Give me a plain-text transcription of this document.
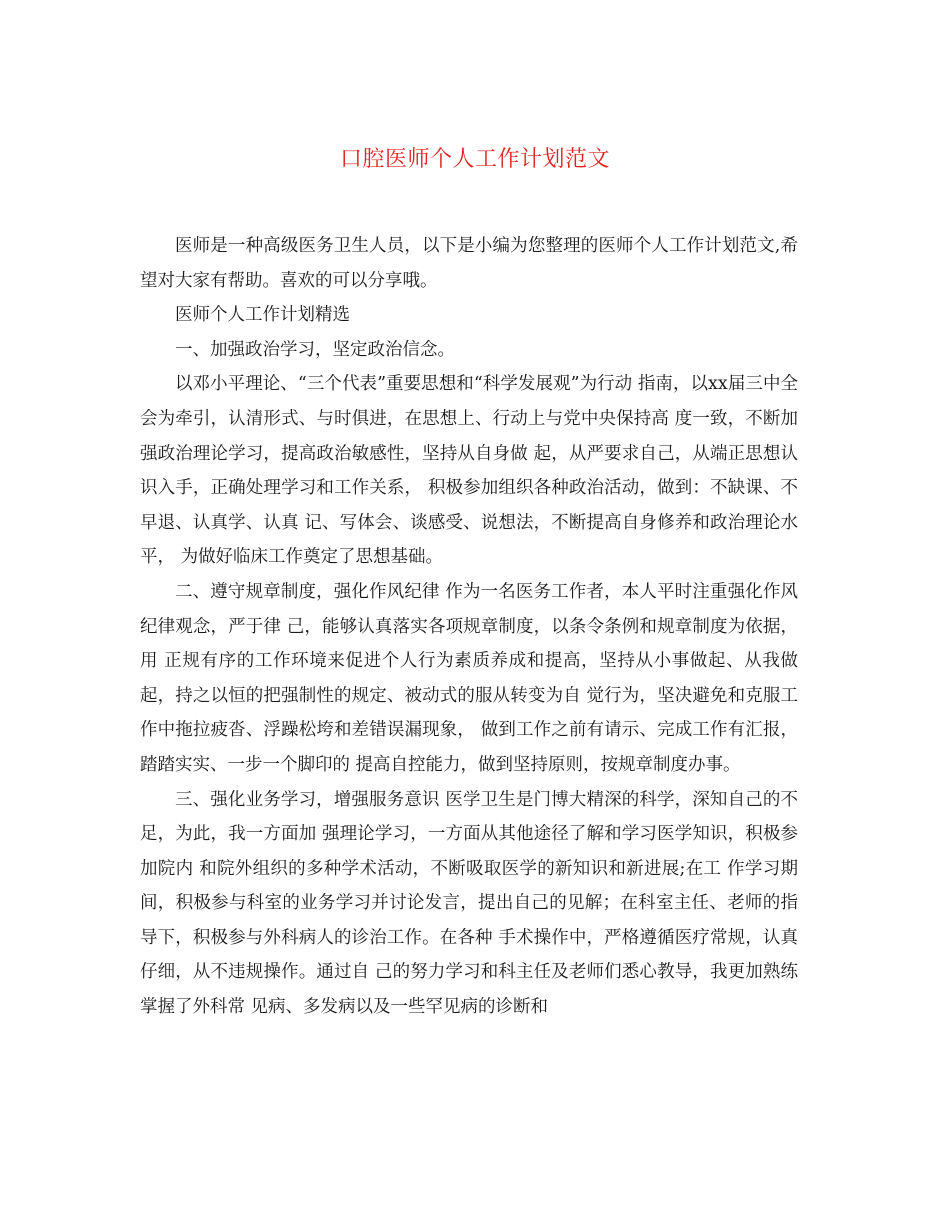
口腔医师个人工作计划范文

医师是一种高级医务卫生人员，以下是小编为您整理的医师个人工作计划范文,希望对大家有帮助。喜欢的可以分享哦。

医师个人工作计划精选

一、加强政治学习，坚定政治信念。

以邓小平理论、“三个代表”重要思想和“科学发展观”为行动 指南，以xx届三中全会为牵引，认清形式、与时俱进，在思想上、行动上与党中央保持高 度一致，不断加强政治理论学习，提高政治敏感性，坚持从自身做 起，从严要求自己，从端正思想认识入手，正确处理学习和工作关系， 积极参加组织各种政治活动，做到：不缺课、不早退、认真学、认真 记、写体会、谈感受、说想法，不断提高自身修养和政治理论水平， 为做好临床工作奠定了思想基础。

二、遵守规章制度，强化作风纪律 作为一名医务工作者，本人平时注重强化作风纪律观念，严于律 己，能够认真落实各项规章制度，以条令条例和规章制度为依据，用 正规有序的工作环境来促进个人行为素质养成和提高，坚持从小事做起、从我做起，持之以恒的把强制性的规定、被动式的服从转变为自 觉行为，坚决避免和克服工作中拖拉疲沓、浮躁松垮和差错误漏现象， 做到工作之前有请示、完成工作有汇报，踏踏实实、一步一个脚印的 提高自控能力，做到坚持原则，按规章制度办事。

三、强化业务学习，增强服务意识 医学卫生是门博大精深的科学，深知自己的不足，为此，我一方面加 强理论学习，一方面从其他途径了解和学习医学知识，积极参加院内 和院外组织的多种学术活动，不断吸取医学的新知识和新进展;在工 作学习期间，积极参与科室的业务学习并讨论发言，提出自己的见解；在科室主任、老师的指导下，积极参与外科病人的诊治工作。在各种 手术操作中，严格遵循医疗常规，认真仔细，从不违规操作。通过自 己的努力学习和科主任及老师们悉心教导，我更加熟练掌握了外科常 见病、多发病以及一些罕见病的诊断和
